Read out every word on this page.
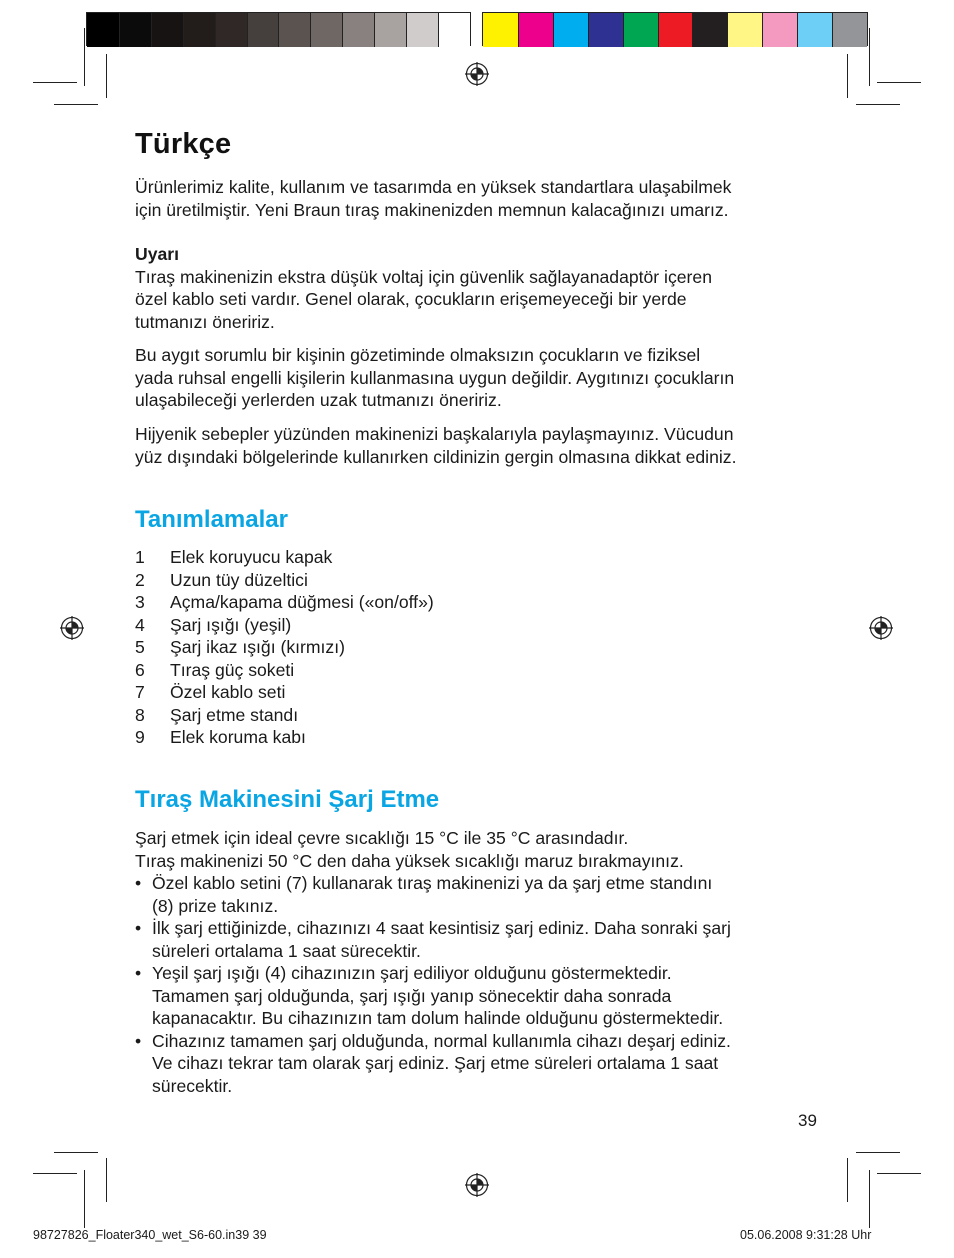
Türkçe

Ürünlerimiz kalite, kullanım ve tasarımda en yüksek standartlara ulaşabilmek
için üretilmiştir. Yeni Braun tıraş makinenizden memnun kalacağınızı umarız.

Uyarı
Tıraş makinenizin ekstra düşük voltaj için güvenlik sağlayanadaptör içeren
özel kablo seti vardır. Genel olarak, çocukların erişemeyeceği bir yerde
tutmanızı öneririz.

Bu aygıt sorumlu bir kişinin gözetiminde olmaksızın çocukların ve fiziksel
yada ruhsal engelli kişilerin kullanmasına uygun değildir. Aygıtınızı çocukların
ulaşabileceği yerlerden uzak tutmanızı öneririz.

Hijyenik sebepler yüzünden makinenizi başkalarıyla paylaşmayınız. Vücudun
yüz dışındaki bölgelerinde kullanırken cildinizin gergin olmasına dikkat ediniz.

Tanımlamalar
1	Elek koruyucu kapak
2	Uzun tüy düzeltici
3	Açma/kapama düğmesi («on/off»)
4	Şarj ışığı (yeşil)
5	Şarj ikaz ışığı (kırmızı)
6	Tıraş güç soketi
7	Özel kablo seti
8	Şarj etme standı
9	Elek koruma kabı
Tıraş Makinesini Şarj Etme

Şarj etmek için ideal çevre sıcaklığı 15 °C ile 35 °C arasındadır.
Tıraş makinenizi 50 °C den daha yüksek sıcaklığı maruz bırakmayınız.

• Özel kablo setini (7) kullanarak tıraş makinenizi ya da şarj etme standını
(8) prize takınız.
• İlk şarj ettiğinizde, cihazınızı 4 saat kesintisiz şarj ediniz. Daha sonraki şarj
süreleri ortalama 1 saat sürecektir.
• Yeşil şarj ışığı (4) cihazınızın şarj ediliyor olduğunu göstermektedir.
Tamamen şarj olduğunda, şarj ışığı yanıp sönecektir daha sonrada
kapanacaktır. Bu cihazınızın tam dolum halinde olduğunu göstermektedir.
• Cihazınız tamamen şarj olduğunda, normal kullanımla cihazı deşarj ediniz.
Ve cihazı tekrar tam olarak şarj ediniz. Şarj etme süreleri ortalama 1 saat
sürecektir.
39
98727826_Floater340_wet_S6-60.in39 39	05.06.2008 9:31:28 Uhr
